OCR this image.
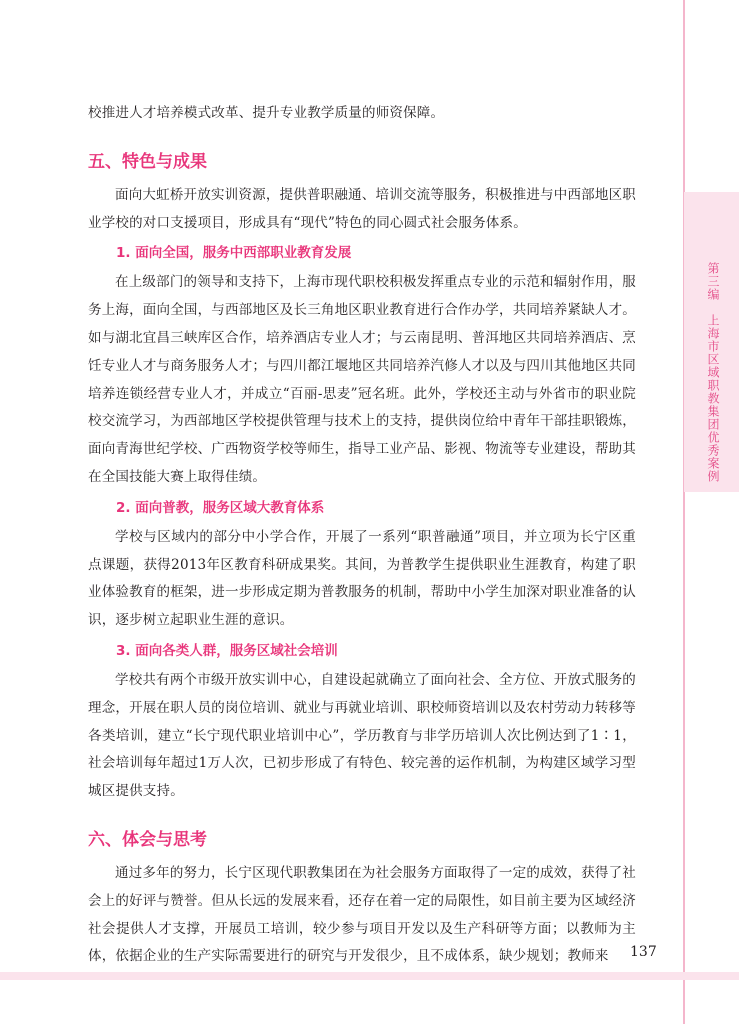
第三编　上海市区域职教集团优秀案例

校推进人才培养模式改革、提升专业教学质量的师资保障。

五、特色与成果

面向大虹桥开放实训资源，提供普职融通、培训交流等服务，积极推进与中西部地区职业学校的对口支援项目，形成具有“现代”特色的同心圆式社会服务体系。

1. 面向全国，服务中西部职业教育发展

在上级部门的领导和支持下，上海市现代职校积极发挥重点专业的示范和辐射作用，服务上海，面向全国，与西部地区及长三角地区职业教育进行合作办学，共同培养紧缺人才。如与湖北宜昌三峡库区合作，培养酒店专业人才；与云南昆明、普洱地区共同培养酒店、烹饪专业人才与商务服务人才；与四川都江堰地区共同培养汽修人才以及与四川其他地区共同培养连锁经营专业人才，并成立“百丽-思麦”冠名班。此外，学校还主动与外省市的职业院校交流学习，为西部地区学校提供管理与技术上的支持，提供岗位给中青年干部挂职锻炼，面向青海世纪学校、广西物资学校等师生，指导工业产品、影视、物流等专业建设，帮助其在全国技能大赛上取得佳绩。

2. 面向普教，服务区域大教育体系

学校与区域内的部分中小学合作，开展了一系列“职普融通”项目，并立项为长宁区重点课题，获得2013年区教育科研成果奖。其间，为普教学生提供职业生涯教育，构建了职业体验教育的框架，进一步形成定期为普教服务的机制，帮助中小学生加深对职业准备的认识，逐步树立起职业生涯的意识。

3. 面向各类人群，服务区域社会培训

学校共有两个市级开放实训中心，自建设起就确立了面向社会、全方位、开放式服务的理念，开展在职人员的岗位培训、就业与再就业培训、职校师资培训以及农村劳动力转移等各类培训，建立“长宁现代职业培训中心”，学历教育与非学历培训人次比例达到了1∶1，社会培训每年超过1万人次，已初步形成了有特色、较完善的运作机制，为构建区域学习型城区提供支持。

六、体会与思考

通过多年的努力，长宁区现代职教集团在为社会服务方面取得了一定的成效，获得了社会上的好评与赞誉。但从长远的发展来看，还存在着一定的局限性，如目前主要为区域经济社会提供人才支撑，开展员工培训，较少参与项目开发以及生产科研等方面；以教师为主体，依据企业的生产实际需要进行的研究与开发很少，且不成体系，缺少规划；教师来	137
